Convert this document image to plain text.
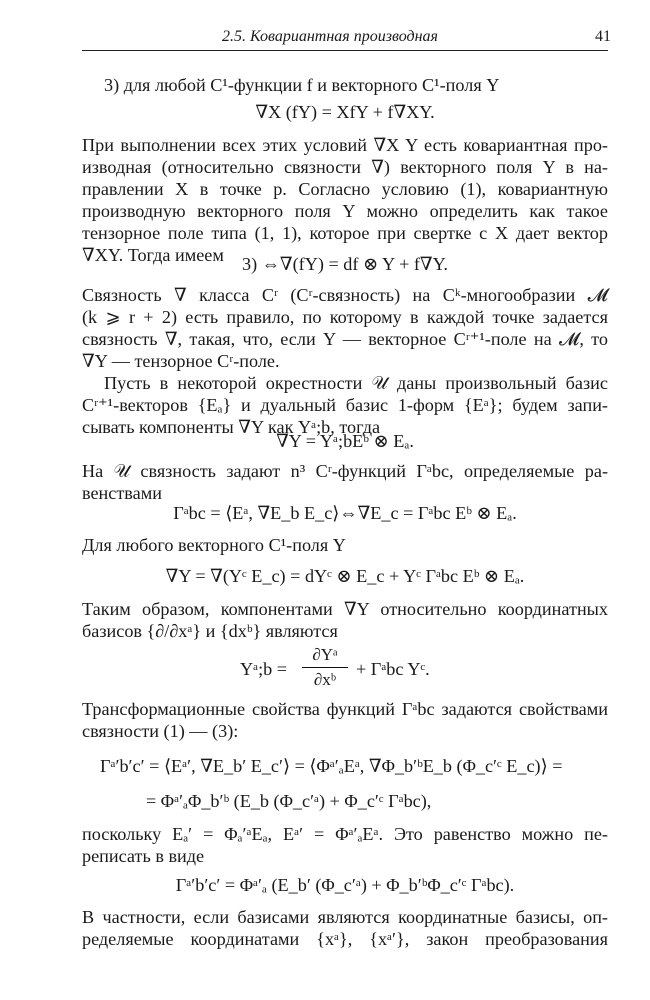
2.5. Ковариантная производная	41
3) для любой C¹-функции f и векторного C¹-поля Y
∇X (fY) = XfY + f∇XY.
При выполнении всех этих условий ∇X Y есть ковариантная про-
изводная (относительно связности ∇) векторного поля Y в на-
правлении X в точке p. Согласно условию (1), ковариантную
производную векторного поля Y можно определить как такое
тензорное поле типа (1, 1), которое при свертке с X дает вектор
∇XY. Тогда имеем 3) ⇔∇(fY) = df ⊗ Y + f∇Y.
Связность ∇ класса Cʳ (Cʳ-связность) на Cᵏ-многообразии 𝓜
(k ⩾ r + 2) есть правило, по которому в каждой точке задается
связность ∇, такая, что, если Y — векторное Cʳ⁺¹-поле на 𝓜, то
∇Y — тензорное Cʳ-поле.
Пусть в некоторой окрестности 𝒰 даны произвольный базис
Cʳ⁺¹-векторов {Eₐ} и дуальный базис 1-форм {Eᵃ}; будем запи-
сывать компоненты ∇Y как Yᵃ;b, тогда
∇Y = Yᵃ;bEᵇ ⊗ Eₐ.
На 𝒰 связность задают n³ Cʳ-функций Γᵃbc, определяемые ра-
венствами
Γᵃbc = ⟨Eᵃ, ∇E_b E_c⟩⇔∇E_c = Γᵃbc Eᵇ ⊗ Eₐ.
Для любого векторного C¹-поля Y
∇Y = ∇(Yᶜ E_c) = dYᶜ ⊗ E_c + Yᶜ Γᵃbc Eᵇ ⊗ Eₐ.
Таким образом, компонентами ∇Y относительно координатных
базисов {∂/∂xᵃ} и {dxᵇ} являются
Yᵃ;b =
∂Yᵃ
∂xᵇ
+ Γᵃbc Yᶜ.
Трансформационные свойства функций Γᵃbc задаются свойствами
связности (1) — (3):
Γᵃ′b′c′ = ⟨Eᵃ′, ∇E_b′ E_c′⟩ = ⟨Φᵃ′ₐEᵃ, ∇Φ_b′ᵇE_b (Φ_c′ᶜ E_c)⟩ =
= Φᵃ′ₐΦ_b′ᵇ (E_b (Φ_c′ᵃ) + Φ_c′ᶜ Γᵃbc),
поскольку Eₐ′ = Φₐ′ᵃEₐ, Eᵃ′ = Φᵃ′ₐEᵃ. Это равенство можно пе-
реписать в виде
Γᵃ′b′c′ = Φᵃ′ₐ (E_b′ (Φ_c′ᵃ) + Φ_b′ᵇΦ_c′ᶜ Γᵃbc).
В частности, если базисами являются координатные базисы, оп-
ределяемые координатами {xᵃ}, {xᵃ′}, закон преобразования
